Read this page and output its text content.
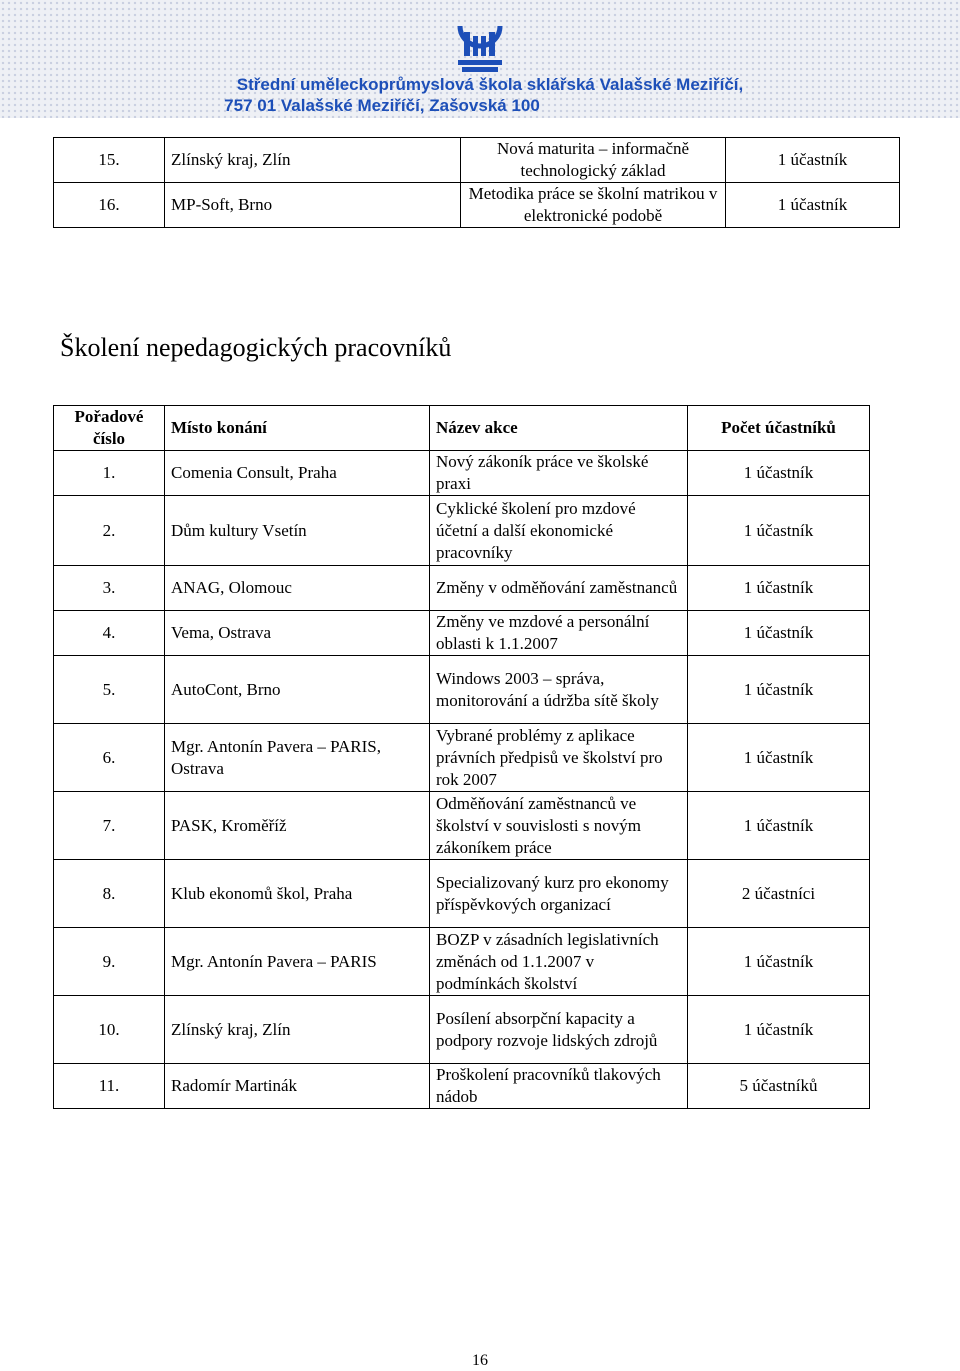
Střední uměleckoprůmyslová škola sklářská Valašské Meziříčí,
757 01 Valašské Meziříčí, Zašovská 100
15.	Zlínský kraj, Zlín	Nová maturita – informačně technologický základ	1 účastník
16.	MP-Soft, Brno	Metodika práce se školní matrikou v elektronické podobě	1 účastník
Školení nepedagogických pracovníků
Pořadové číslo	Místo konání	Název akce	Počet účastníků
1.	Comenia Consult, Praha	Nový zákoník práce ve školské praxi	1 účastník
2.	Dům kultury Vsetín	Cyklické školení pro mzdové účetní a další ekonomické pracovníky	1 účastník
3.	ANAG, Olomouc	Změny v odměňování zaměstnanců	1 účastník
4.	Vema, Ostrava	Změny ve mzdové a personální oblasti k 1.1.2007	1 účastník
5.	AutoCont, Brno	Windows 2003 – správa, monitorování a údržba sítě školy	1 účastník
6.	Mgr. Antonín Pavera – PARIS, Ostrava	Vybrané problémy z aplikace právních předpisů ve školství pro rok 2007	1 účastník
7.	PASK, Kroměříž	Odměňování zaměstnanců ve školství v souvislosti s novým zákoníkem práce	1 účastník
8.	Klub ekonomů škol, Praha	Specializovaný kurz pro ekonomy příspěvkových organizací	2 účastníci
9.	Mgr. Antonín Pavera – PARIS	BOZP v zásadních legislativních změnách od 1.1.2007 v podmínkách školství	1 účastník
10.	Zlínský kraj, Zlín	Posílení absorpční kapacity a podpory rozvoje lidských zdrojů	1 účastník
11.	Radomír Martinák	Proškolení pracovníků tlakových nádob	5 účastníků
16
